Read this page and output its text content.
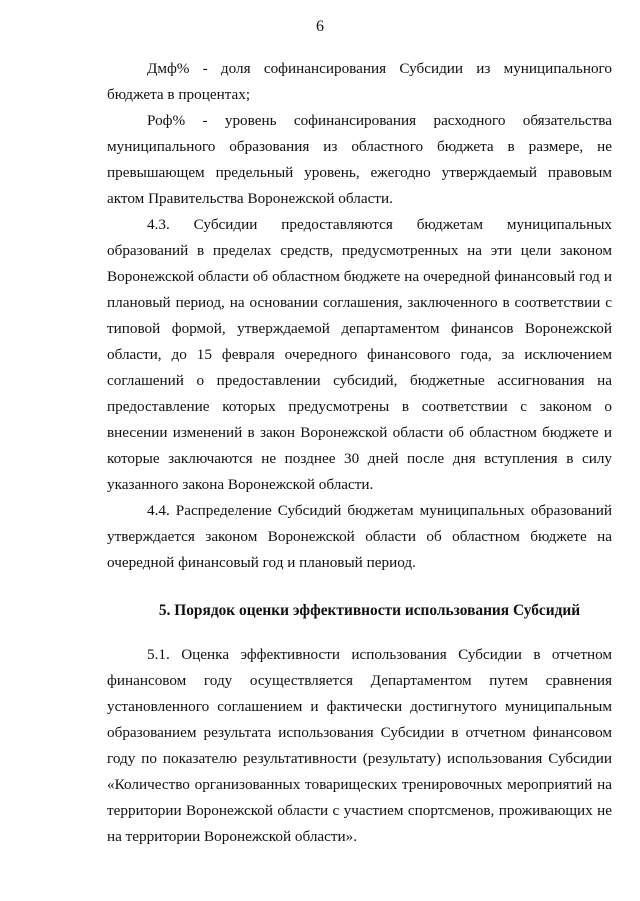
6

Дмф% - доля софинансирования Субсидии из муниципального бюджета в процентах;

Роф% - уровень софинансирования расходного обязательства муниципального образования из областного бюджета в размере, не превышающем предельный уровень, ежегодно утверждаемый правовым актом Правительства Воронежской области.

4.3. Субсидии предоставляются бюджетам муниципальных образований в пределах средств, предусмотренных на эти цели законом Воронежской области об областном бюджете на очередной финансовый год и плановый период, на основании соглашения, заключенного в соответствии с типовой формой, утверждаемой департаментом финансов Воронежской области, до 15 февраля очередного финансового года, за исключением соглашений о предоставлении субсидий, бюджетные ассигнования на предоставление которых предусмотрены в соответствии с законом о внесении изменений в закон Воронежской области об областном бюджете и которые заключаются не позднее 30 дней после дня вступления в силу указанного закона Воронежской области.

4.4. Распределение Субсидий бюджетам муниципальных образований утверждается законом Воронежской области об областном бюджете на очередной финансовый год и плановый период.

5. Порядок оценки эффективности использования Субсидий

5.1. Оценка эффективности использования Субсидии в отчетном финансовом году осуществляется Департаментом путем сравнения установленного соглашением и фактически достигнутого муниципальным образованием результата использования Субсидии в отчетном финансовом году по показателю результативности (результату) использования Субсидии «Количество организованных товарищеских тренировочных мероприятий на территории Воронежской области с участием спортсменов, проживающих не на территории Воронежской области».
